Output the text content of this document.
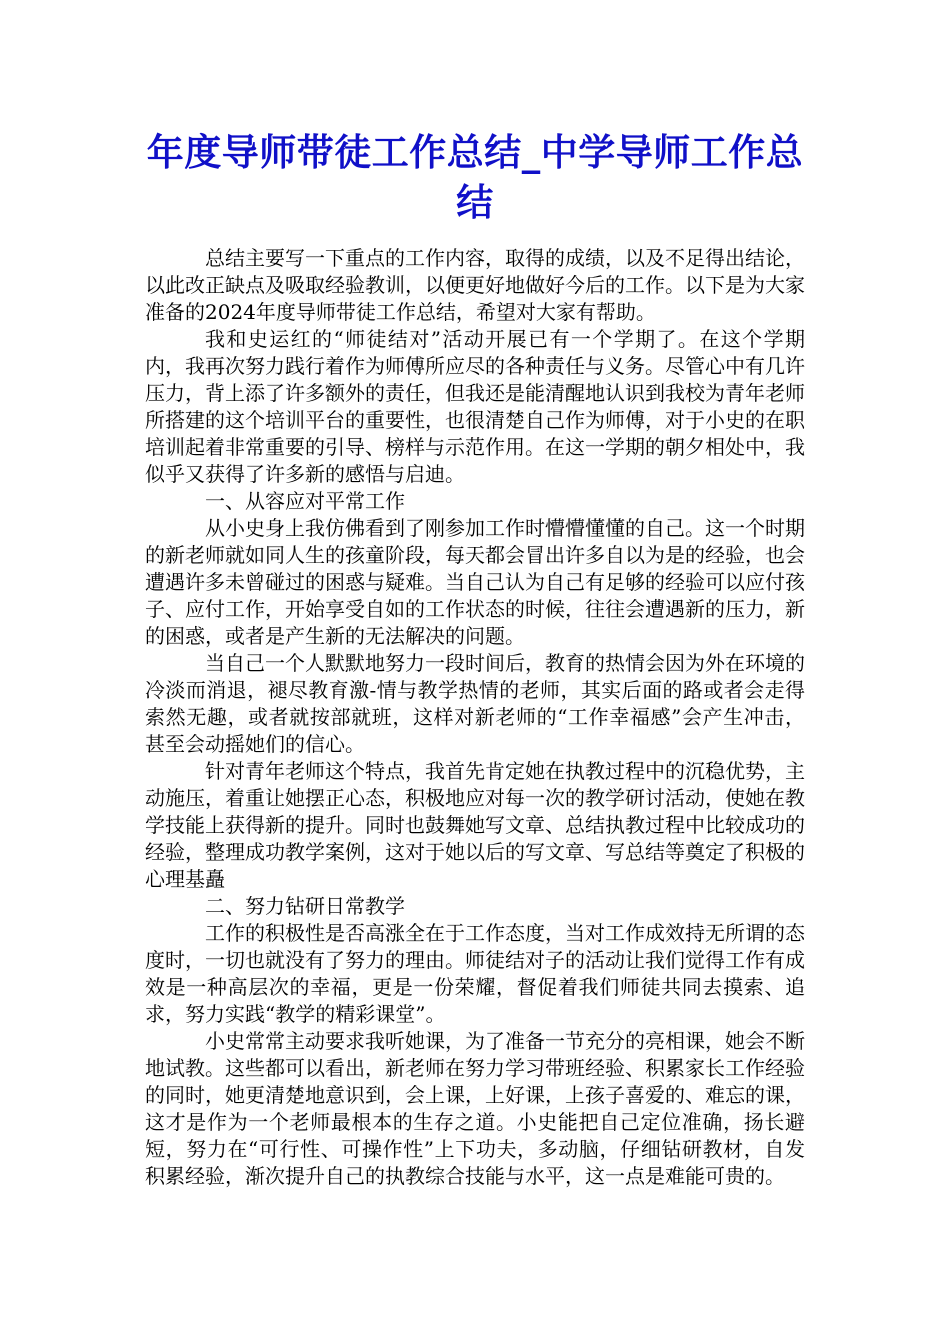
年度导师带徒工作总结_中学导师工作总结

总结主要写一下重点的工作内容，取得的成绩，以及不足得出结论，以此改正缺点及吸取经验教训，以便更好地做好今后的工作。以下是为大家准备的2024年度导师带徒工作总结，希望对大家有帮助。

我和史运红的“师徒结对”活动开展已有一个学期了。在这个学期内，我再次努力践行着作为师傅所应尽的各种责任与义务。尽管心中有几许压力，背上添了许多额外的责任，但我还是能清醒地认识到我校为青年老师所搭建的这个培训平台的重要性，也很清楚自己作为师傅，对于小史的在职培训起着非常重要的引导、榜样与示范作用。在这一学期的朝夕相处中，我似乎又获得了许多新的感悟与启迪。

一、从容应对平常工作

从小史身上我仿佛看到了刚参加工作时懵懵懂懂的自己。这一个时期的新老师就如同人生的孩童阶段，每天都会冒出许多自以为是的经验，也会遭遇许多未曾碰过的困惑与疑难。当自己认为自己有足够的经验可以应付孩子、应付工作，开始享受自如的工作状态的时候，往往会遭遇新的压力，新的困惑，或者是产生新的无法解决的问题。

当自己一个人默默地努力一段时间后，教育的热情会因为外在环境的冷淡而消退，褪尽教育激-情与教学热情的老师，其实后面的路或者会走得索然无趣，或者就按部就班，这样对新老师的“工作幸福感”会产生冲击，甚至会动摇她们的信心。

针对青年老师这个特点，我首先肯定她在执教过程中的沉稳优势，主动施压，着重让她摆正心态，积极地应对每一次的教学研讨活动，使她在教学技能上获得新的提升。同时也鼓舞她写文章、总结执教过程中比较成功的经验，整理成功教学案例，这对于她以后的写文章、写总结等奠定了积极的心理基矗

二、努力钻研日常教学

工作的积极性是否高涨全在于工作态度，当对工作成效持无所谓的态度时，一切也就没有了努力的理由。师徒结对子的活动让我们觉得工作有成效是一种高层次的幸福，更是一份荣耀，督促着我们师徒共同去摸索、追求，努力实践“教学的精彩课堂”。

小史常常主动要求我听她课，为了准备一节充分的亮相课，她会不断地试教。这些都可以看出，新老师在努力学习带班经验、积累家长工作经验的同时，她更清楚地意识到，会上课，上好课，上孩子喜爱的、难忘的课，这才是作为一个老师最根本的生存之道。小史能把自己定位准确，扬长避短，努力在“可行性、可操作性”上下功夫，多动脑，仔细钻研教材，自发积累经验，渐次提升自己的执教综合技能与水平，这一点是难能可贵的。
